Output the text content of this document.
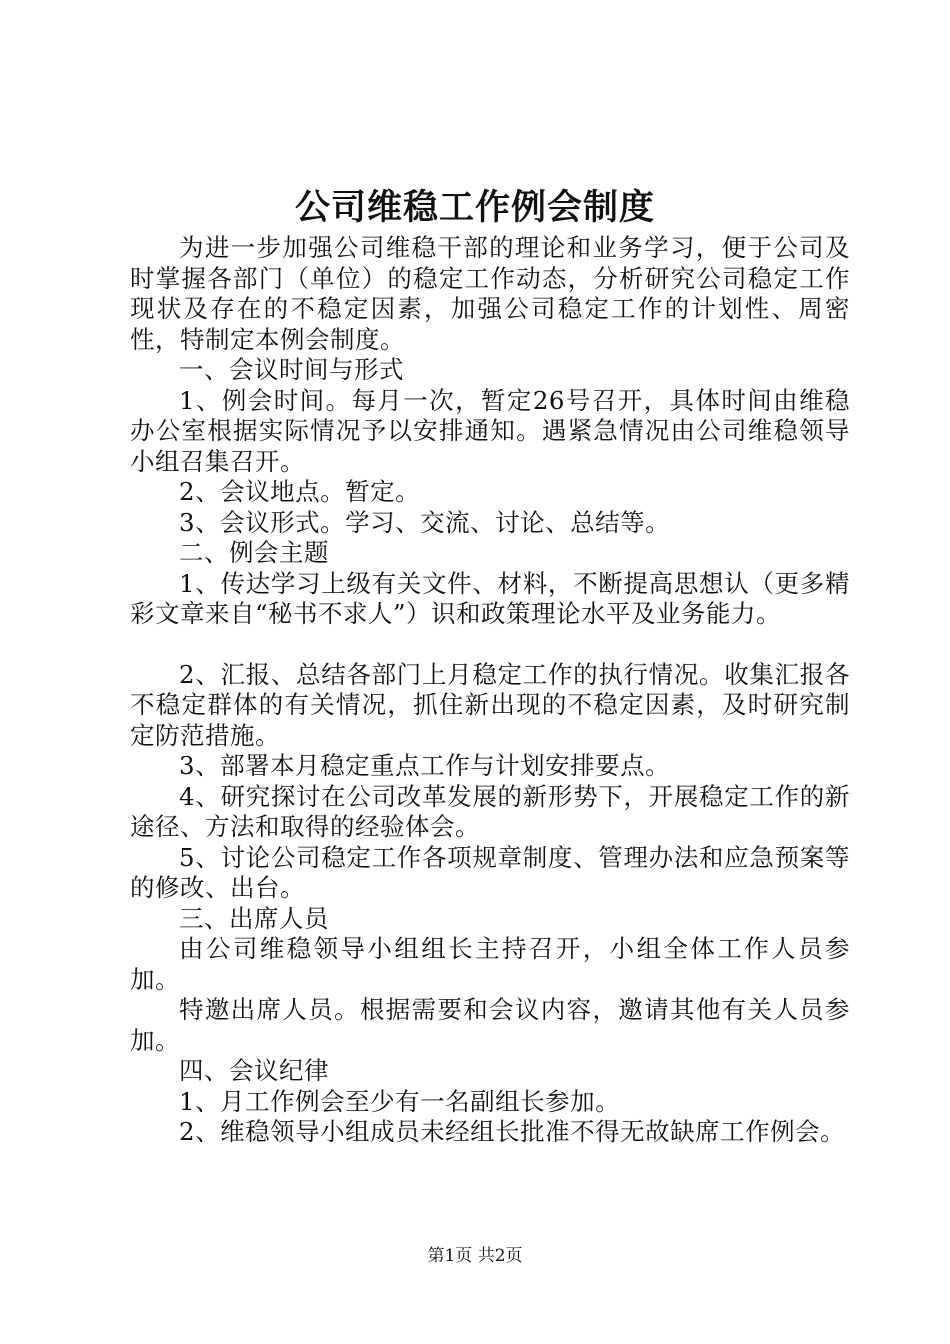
公司维稳工作例会制度

为进一步加强公司维稳干部的理论和业务学习，便于公司及时掌握各部门（单位）的稳定工作动态，分析研究公司稳定工作现状及存在的不稳定因素，加强公司稳定工作的计划性、周密性，特制定本例会制度。

一、会议时间与形式

1、例会时间。每月一次，暂定26号召开，具体时间由维稳办公室根据实际情况予以安排通知。遇紧急情况由公司维稳领导小组召集召开。

2、会议地点。暂定。

3、会议形式。学习、交流、讨论、总结等。

二、例会主题

1、传达学习上级有关文件、材料，不断提高思想认（更多精彩文章来自“秘书不求人”）识和政策理论水平及业务能力。

2、汇报、总结各部门上月稳定工作的执行情况。收集汇报各不稳定群体的有关情况，抓住新出现的不稳定因素，及时研究制定防范措施。

3、部署本月稳定重点工作与计划安排要点。

4、研究探讨在公司改革发展的新形势下，开展稳定工作的新途径、方法和取得的经验体会。

5、讨论公司稳定工作各项规章制度、管理办法和应急预案等的修改、出台。

三、出席人员

由公司维稳领导小组组长主持召开，小组全体工作人员参加。

特邀出席人员。根据需要和会议内容，邀请其他有关人员参加。

四、会议纪律

1、月工作例会至少有一名副组长参加。

2、维稳领导小组成员未经组长批准不得无故缺席工作例会。

第1页 共2页
